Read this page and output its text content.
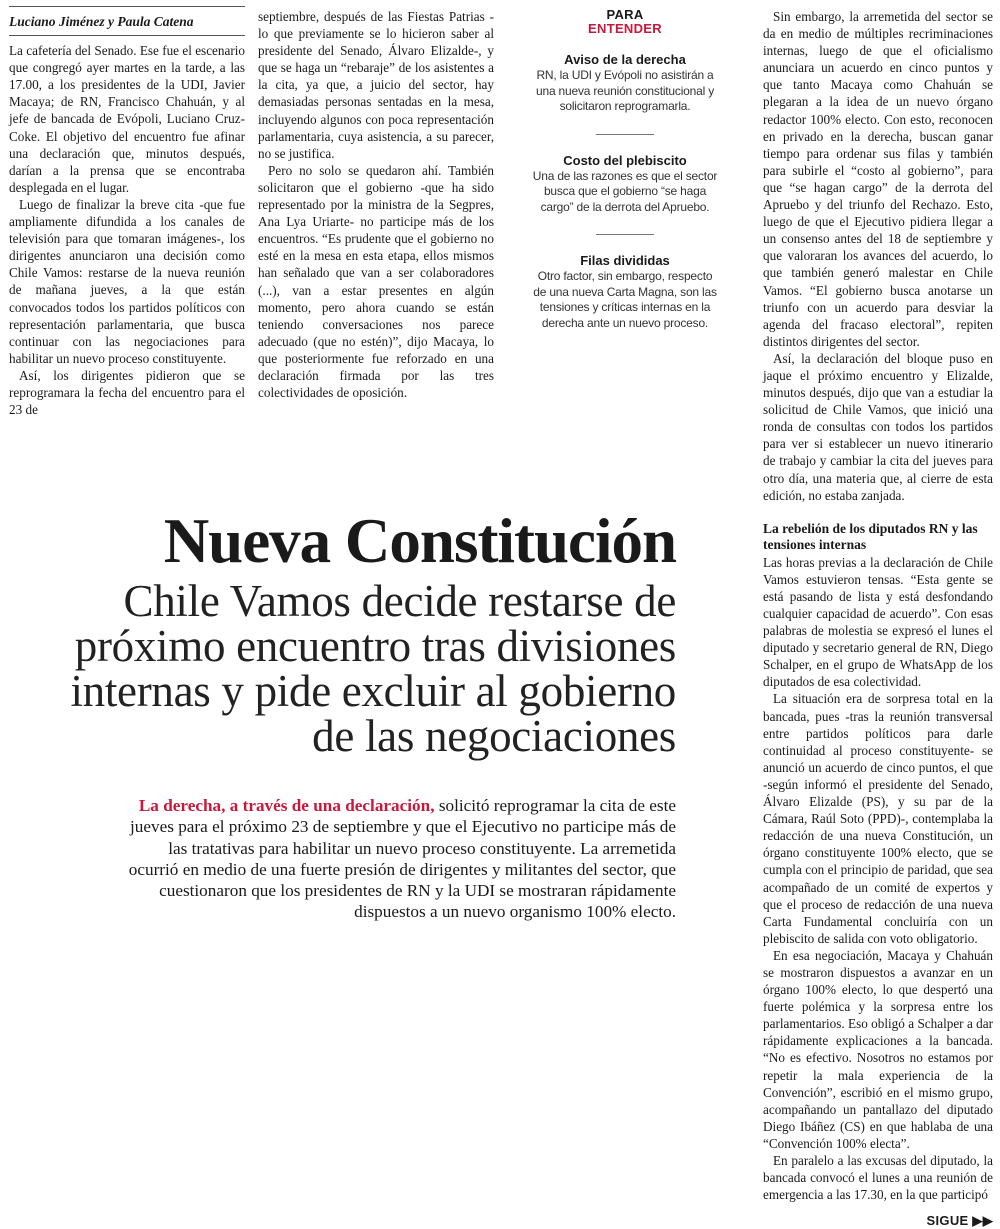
Luciano Jiménez y Paula Catena

La cafetería del Senado. Ese fue el escenario que congregó ayer martes en la tarde, a las 17.00, a los presidentes de la UDI, Javier Macaya; de RN, Francisco Chahuán, y al jefe de bancada de Evópoli, Luciano Cruz-Coke. El objetivo del encuentro fue afinar una declaración que, minutos después, darían a la prensa que se encontraba desplegada en el lugar.

Luego de finalizar la breve cita -que fue ampliamente difundida a los canales de televisión para que tomaran imágenes-, los dirigentes anunciaron una decisión como Chile Vamos: restarse de la nueva reunión de mañana jueves, a la que están convocados todos los partidos políticos con representación parlamentaria, que busca continuar con las negociaciones para habilitar un nuevo proceso constituyente.

Así, los dirigentes pidieron que se reprogramara la fecha del encuentro para el 23 de

septiembre, después de las Fiestas Patrias -lo que previamente se lo hicieron saber al presidente del Senado, Álvaro Elizalde-, y que se haga un “rebaraje” de los asistentes a la cita, ya que, a juicio del sector, hay demasiadas personas sentadas en la mesa, incluyendo algunos con poca representación parlamentaria, cuya asistencia, a su parecer, no se justifica.

Pero no solo se quedaron ahí. También solicitaron que el gobierno -que ha sido representado por la ministra de la Segpres, Ana Lya Uriarte- no participe más de los encuentros. “Es prudente que el gobierno no esté en la mesa en esta etapa, ellos mismos han señalado que van a ser colaboradores (...), van a estar presentes en algún momento, pero ahora cuando se están teniendo conversaciones nos parece adecuado (que no estén)”, dijo Macaya, lo que posteriormente fue reforzado en una declaración firmada por las tres colectividades de oposición.

PARA
ENTENDER
Aviso de la derecha

RN, la UDI y Evópoli no asistirán a una nueva reunión constitucional y solicitaron reprogramarla.

Costo del plebiscito

Una de las razones es que el sector busca que el gobierno “se haga cargo” de la derrota del Apruebo.

Filas divididas

Otro factor, sin embargo, respecto de una nueva Carta Magna, son las tensiones y críticas internas en la derecha ante un nuevo proceso.

Sin embargo, la arremetida del sector se da en medio de múltiples recriminaciones internas, luego de que el oficialismo anunciara un acuerdo en cinco puntos y que tanto Macaya como Chahuán se plegaran a la idea de un nuevo órgano redactor 100% electo. Con esto, reconocen en privado en la derecha, buscan ganar tiempo para ordenar sus filas y también para subirle el “costo al gobierno”, para que “se hagan cargo” de la derrota del Apruebo y del triunfo del Rechazo. Esto, luego de que el Ejecutivo pidiera llegar a un consenso antes del 18 de septiembre y que valoraran los avances del acuerdo, lo que también generó malestar en Chile Vamos. “El gobierno busca anotarse un triunfo con un acuerdo para desviar la agenda del fracaso electoral”, repiten distintos dirigentes del sector.

Así, la declaración del bloque puso en jaque el próximo encuentro y Elizalde, minutos después, dijo que van a estudiar la solicitud de Chile Vamos, que inició una ronda de consultas con todos los partidos para ver si establecer un nuevo itinerario de trabajo y cambiar la cita del jueves para otro día, una materia que, al cierre de esta edición, no estaba zanjada.

La rebelión de los diputados RN y las tensiones internas

Las horas previas a la declaración de Chile Vamos estuvieron tensas. “Esta gente se está pasando de lista y está desfondando cualquier capacidad de acuerdo”. Con esas palabras de molestia se expresó el lunes el diputado y secretario general de RN, Diego Schalper, en el grupo de WhatsApp de los diputados de esa colectividad.

La situación era de sorpresa total en la bancada, pues -tras la reunión transversal entre partidos políticos para darle continuidad al proceso constituyente- se anunció un acuerdo de cinco puntos, el que -según informó el presidente del Senado, Álvaro Elizalde (PS), y su par de la Cámara, Raúl Soto (PPD)-, contemplaba la redacción de una nueva Constitución, un órgano constituyente 100% electo, que se cumpla con el principio de paridad, que sea acompañado de un comité de expertos y que el proceso de redacción de una nueva Carta Fundamental concluiría con un plebiscito de salida con voto obligatorio.

En esa negociación, Macaya y Chahuán se mostraron dispuestos a avanzar en un órgano 100% electo, lo que despertó una fuerte polémica y la sorpresa entre los parlamentarios. Eso obligó a Schalper a dar rápidamente explicaciones a la bancada. “No es efectivo. Nosotros no estamos por repetir la mala experiencia de la Convención”, escribió en el mismo grupo, acompañando un pantallazo del diputado Diego Ibáñez (CS) en que hablaba de una “Convención 100% electa”.

En paralelo a las excusas del diputado, la bancada convocó el lunes a una reunión de emergencia a las 17.30, en la que participó

SIGUE ▶▶
Nueva Constitución
Chile Vamos decide restarse de próximo encuentro tras divisiones internas y pide excluir al gobierno de las negociaciones
La derecha, a través de una declaración, solicitó reprogramar la cita de este jueves para el próximo 23 de septiembre y que el Ejecutivo no participe más de las tratativas para habilitar un nuevo proceso constituyente. La arremetida ocurrió en medio de una fuerte presión de dirigentes y militantes del sector, que cuestionaron que los presidentes de RN y la UDI se mostraran rápidamente dispuestos a un nuevo organismo 100% electo.
